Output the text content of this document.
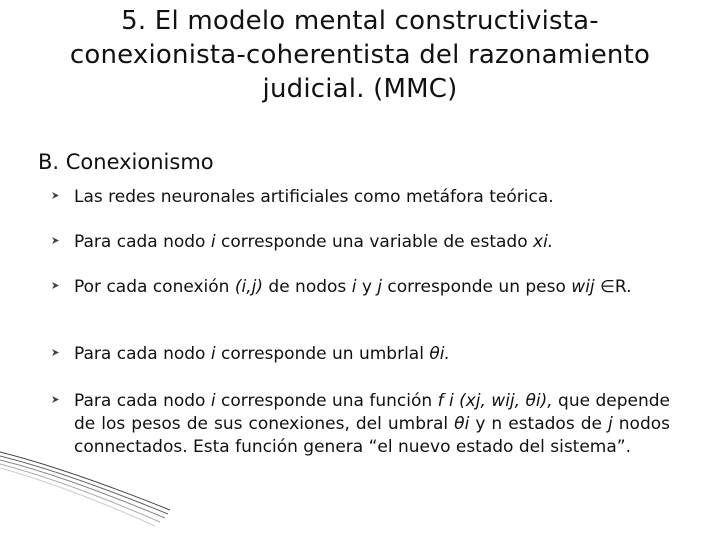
5. El modelo mental constructivista-
conexionista-coherentista del razonamiento
judicial. (MMC)
B. Conexionismo
Las redes neuronales artificiales como metáfora teórica.
Para cada nodo i corresponde una variable de estado xi.
Por cada conexión (i,j) de nodos i y j corresponde un peso wij ∈R.
Para cada nodo i corresponde un umbrlal θi.
Para cada nodo i corresponde una función f i (xj, wij, θi), que depende de los pesos de sus conexiones, del umbral θi y n estados de j nodos connectados. Esta función genera “el nuevo estado del sistema”.
